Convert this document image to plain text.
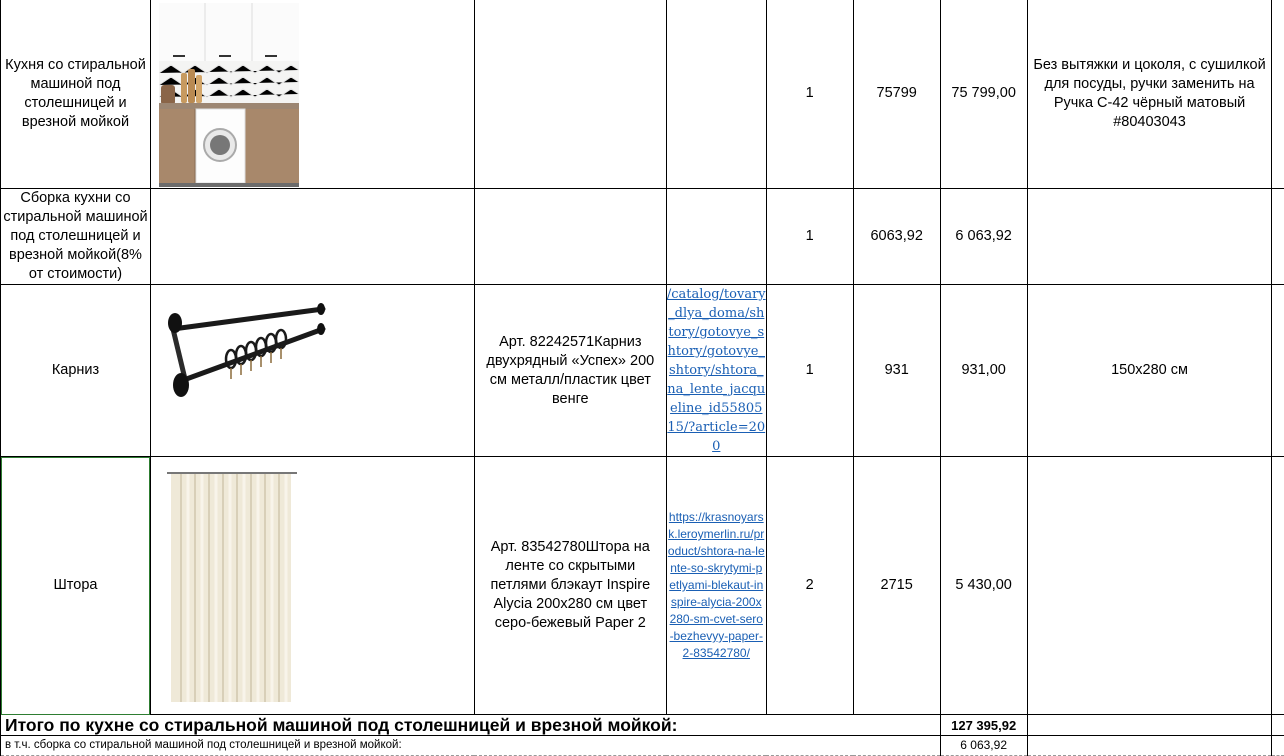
Кухня со стиральной машиной под столешницей и врезной мойкой				1	75799	75 799,00	Без вытяжки и цоколя, с сушилкой для посуды, ручки заменить на Ручка С-42 чёрный матовый #80403043	
Сборка кухни со стиральной машиной под столешницей и врезной мойкой(8% от стоимости)				1	6063,92	6 063,92		
Карниз		Арт. 82242571Карниз двухрядный «Успех» 200 см металл/пластик цвет венге	/catalog/tovary_dlya_doma/shtory/gotovye_shtory/gotovye_shtory/shtora_na_lente_jacqueline_id5580515/?article=200	1	931	931,00	150x280 см	
Штора		Арт. 83542780Штора на ленте со скрытыми петлями блэкаут Inspire Alycia 200x280 см цвет серо-бежевый Paper 2	https://krasnoyarsk.leroymerlin.ru/product/shtora-na-lente-so-skrytymi-petlyami-blekaut-inspire-alycia-200x280-sm-cvet-sero-bezhevyy-paper-2-83542780/	2	2715	5 430,00		
Итого по кухне со стиральной машиной под столешницей и врезной мойкой:						127 395,92		
в т.ч. сборка со стиральной машиной под столешницей и врезной мойкой:						6 063,92		
